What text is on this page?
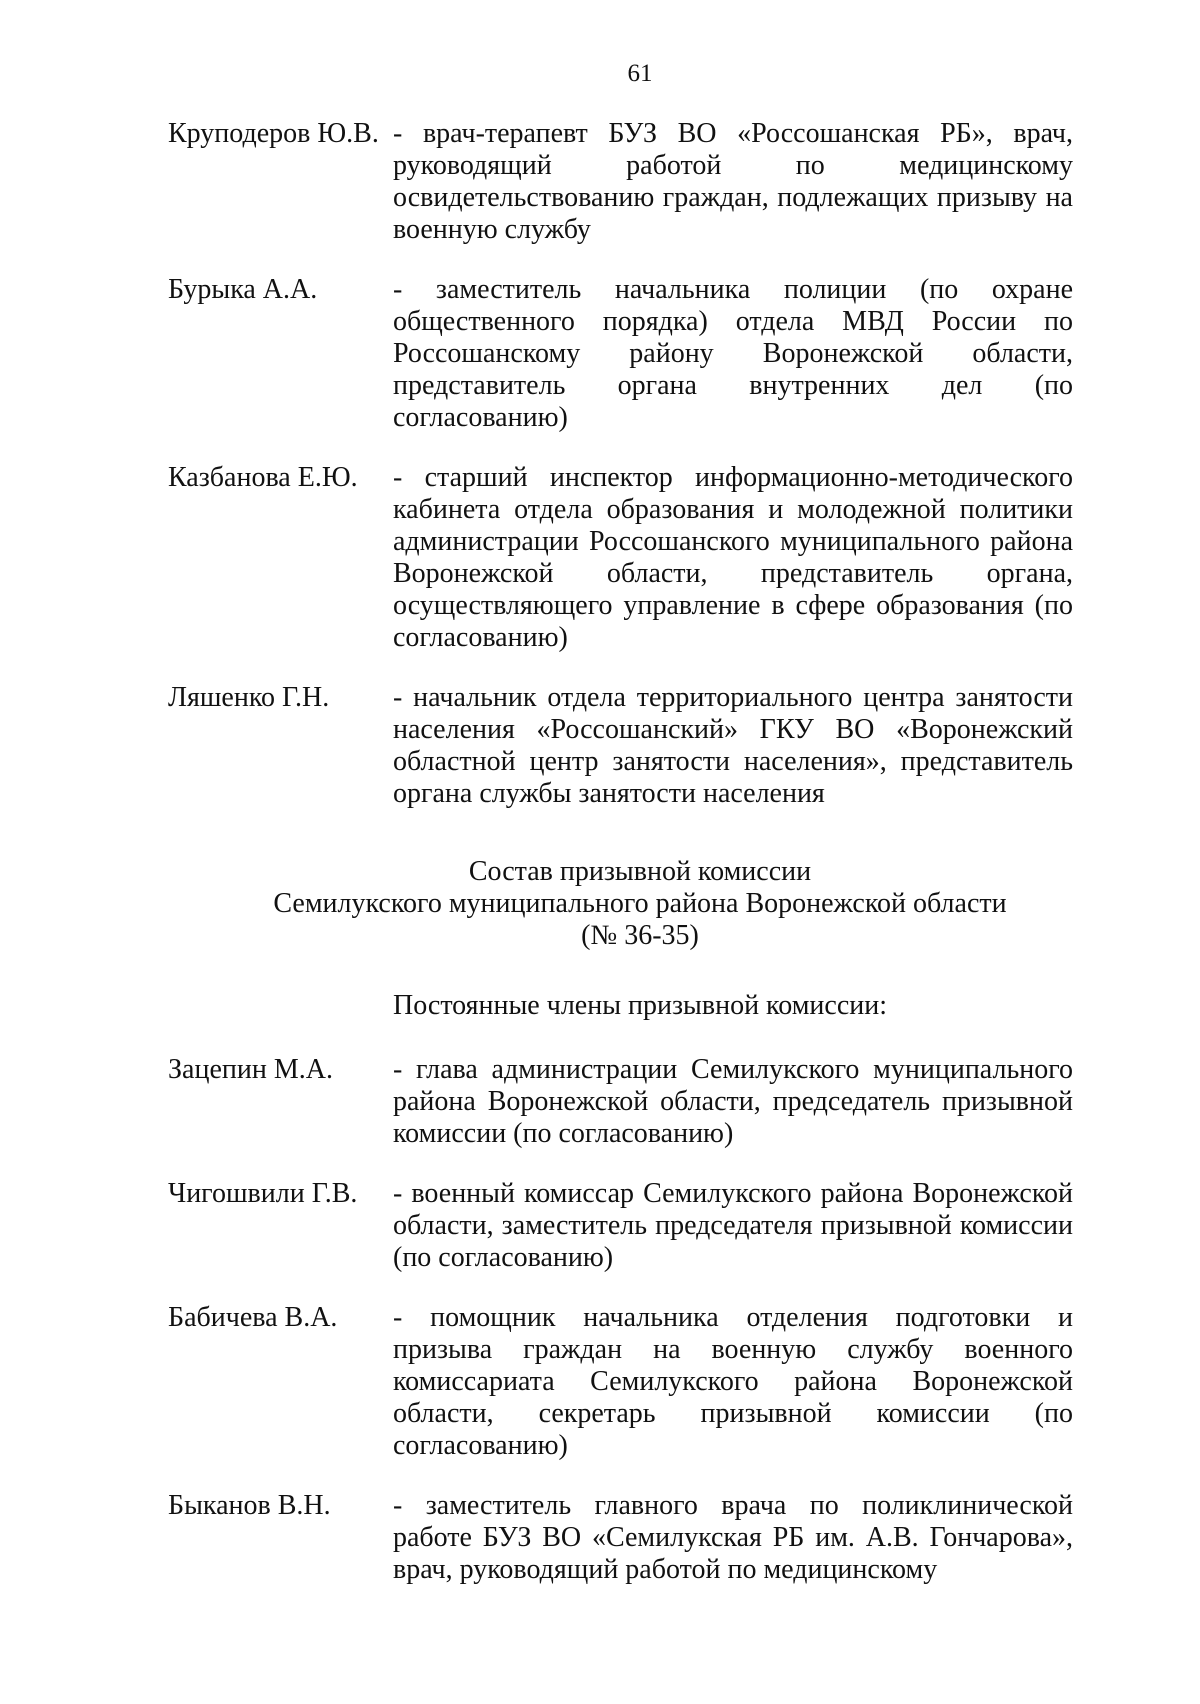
61
Круподеров Ю.В. - врач-терапевт БУЗ ВО «Россошанская РБ», врач, руководящий работой по медицинскому освидетельствованию граждан, подлежащих призыву на военную службу
Бурыка А.А.	- заместитель начальника полиции (по охране общественного порядка) отдела МВД России по Россошанскому району Воронежской области, представитель органа внутренних дел (по согласованию)
Казбанова Е.Ю.	- старший инспектор информационно-методического кабинета отдела образования и молодежной политики администрации Россошанского муниципального района Воронежской области, представитель органа, осуществляющего управление в сфере образования (по согласованию)
Ляшенко Г.Н.	- начальник отдела территориального центра занятости населения «Россошанский» ГКУ ВО «Воронежский областной центр занятости населения», представитель органа службы занятости населения
Состав призывной комиссии
Семилукского муниципального района Воронежской области
(№ 36-35)
Постоянные члены призывной комиссии:
Зацепин М.А.	- глава администрации Семилукского муниципального района Воронежской области, председатель призывной комиссии (по согласованию)
Чигошвили Г.В.	- военный комиссар Семилукского района Воронежской области, заместитель председателя призывной комиссии (по согласованию)
Бабичева В.А.	- помощник начальника отделения подготовки и призыва граждан на военную службу военного комиссариата Семилукского района Воронежской области, секретарь призывной комиссии (по согласованию)
Быканов В.Н.	- заместитель главного врача по поликлинической работе БУЗ ВО «Семилукская РБ им. А.В. Гончарова», врач, руководящий работой по медицинскому
